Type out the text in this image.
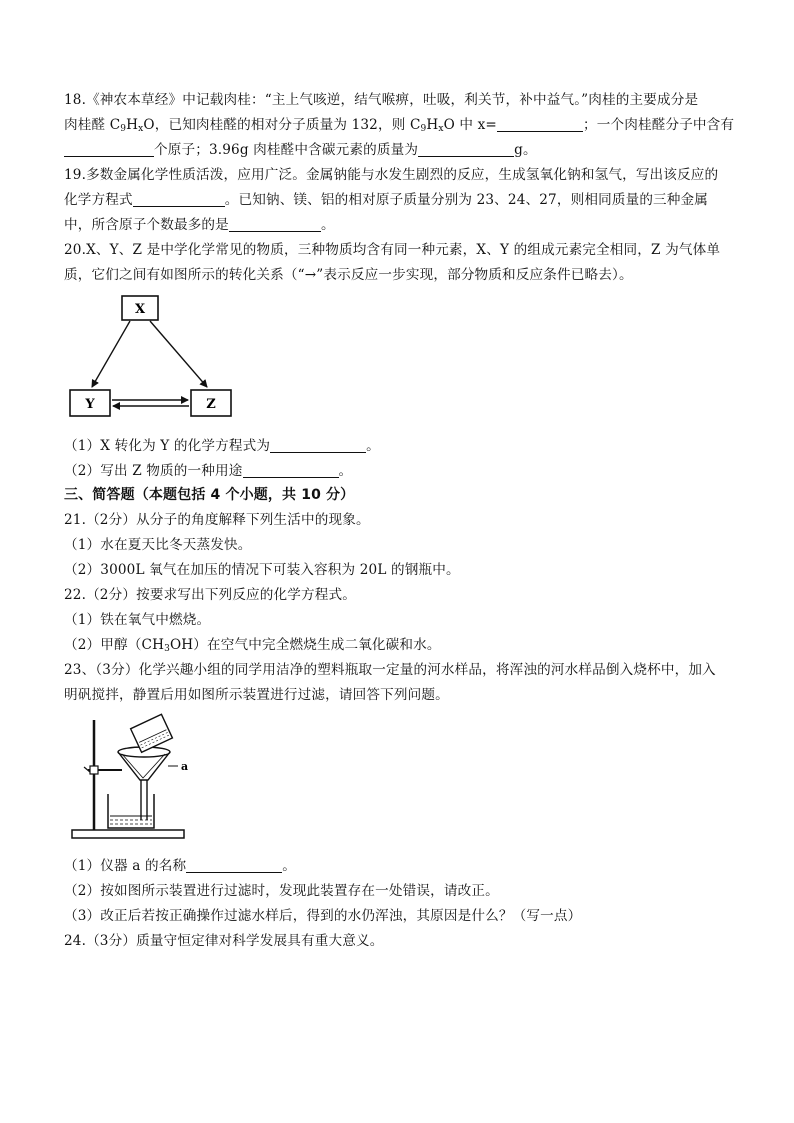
18.《神农本草经》中记载肉桂：“主上气咳逆，结气喉痹，吐吸，利关节，补中益气。”肉桂的主要成分是
肉桂醛 $C_9H_xO$，已知肉桂醛的相对分子质量为 132，则 $C_9H_xO$ 中 x=	；一个肉桂醛分子中含有
个原子；3.96g 肉桂醛中含碳元素的质量为	g。
19.多数金属化学性质活泼，应用广泛。金属钠能与水发生剧烈的反应，生成氢氧化钠和氢气，写出该反应的
化学方程式	。已知钠、镁、铝的相对原子质量分别为 23、24、27，则相同质量的三种金属
中，所含原子个数最多的是	。
20.X、Y、Z 是中学化学常见的物质，三种物质均含有同一种元素，X、Y 的组成元素完全相同，Z 为气体单
质，它们之间有如图所示的转化关系（“→”表示反应一步实现，部分物质和反应条件已略去）。
X
Y	Z
（1）X 转化为 Y 的化学方程式为	。
（2）写出 Z 物质的一种用途	。
三、简答题（本题包括 4 个小题，共 10 分）
21.（2分）从分子的角度解释下列生活中的现象。
（1）水在夏天比冬天蒸发快。
（2）3000L 氧气在加压的情况下可装入容积为 20L 的钢瓶中。
22.（2分）按要求写出下列反应的化学方程式。
（1）铁在氧气中燃烧。
（2）甲醇$(CH_3OH)$在空气中完全燃烧生成二氧化碳和水。
23、（3分）化学兴趣小组的同学用洁净的塑料瓶取一定量的河水样品，将浑浊的河水样品倒入烧杯中，加入
明矾搅拌，静置后用如图所示装置进行过滤，请回答下列问题。
a
（1）仪器 a 的名称	。
（2）按如图所示装置进行过滤时，发现此装置存在一处错误，请改正。
（3）改正后若按正确操作过滤水样后，得到的水仍浑浊，其原因是什么？（写一点）
24.（3分）质量守恒定律对科学发展具有重大意义。
